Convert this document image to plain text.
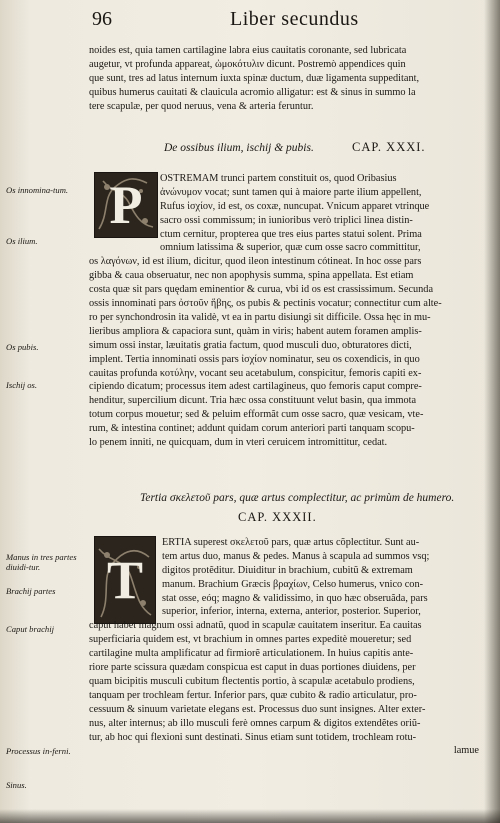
96	Liber secundus
noides est, quia tamen cartilagine labra eius cauitatis coronante, sed lubricata
augetur, vt profunda appareat, ὠμοκότυλιν dicunt. Postremò appendices quin
que sunt, tres ad latus internum iuxta spinæ ductum, duæ ligamenta suppeditant,
quibus humerus cauitati & clauicula acromio alligatur: est & sinus in summo la
tere scapulæ, per quod neruus, vena & arteria feruntur.
De ossibus ilium, ischij & pubis.	CAP. XXXI.
P OSTREMAM trunci partem constituit os, quod Oribasius
ἀνώνυμον vocat; sunt tamen qui à maiore parte ilium appellent,
Rufus ἰσχίον, id est, os coxæ, nuncupat. Vnicum apparet vtrinque
sacro ossi commissum; in iunioribus verò triplici linea distin-
ctum cernitur, propterea que tres eius partes statui solent. Prima
omnium latissima & superior, quæ cum osse sacro committitur,
os λαγόνων, id est ilium, dicitur, quod ileon intestinum cótineat. In hoc osse pars
gibba & caua obseruatur, nec non apophysis summa, spina appellata. Est etiam
costa quæ sit pars quędam eminentior & curua, vbi id os est crassissimum. Secunda
ossis innominati pars ὀστοῦν ἥβης, os pubis & pectinis vocatur; connectitur cum alte-
ro per synchondrosin ita validè, vt ea in partu disiungi sit difficile. Ossa hęc in mu-
lieribus ampliora & capaciora sunt, quàm in viris; habent autem foramen amplis-
simum ossi instar, læuitatis gratia factum, quod musculi duo, obturatores dicti,
implent. Tertia innominati ossis pars ἰσχίον nominatur, seu os coxendicis, in quo
cauitas profunda κοτύλην, vocant seu acetabulum, conspicitur, femoris capiti ex-
cipiendo dicatum; processus item adest cartilagineus, quo femoris caput compre-
henditur, supercilium dicunt. Tria hæc ossa constituunt velut basin, qua immota
totum corpus mouetur; sed & peluim efformãt cum osse sacro, quæ vesicam, vte-
rum, & intestina continet; addunt quidam corum anteriori parti tanquam scopu-
lo penem inniti, ne quicquam, dum in vteri ceruicem intromittitur, cedat.
Tertia σκελετοῦ pars, quæ artus complectitur, ac primùm de humero.
CAP. XXXII.
T
ERTIA superest σκελετοῦ pars, quæ artus cõplectitur. Sunt au-
tem artus duo, manus & pedes. Manus à scapula ad summos vsq;
digitos protẽditur. Diuiditur in brachium, cubitũ & extremam
manum. Brachium Græcis βραχίων, Celso humerus, vnico con-
stat osse, eóq; magno & validissimo, in quo hæc obseruãda, pars
superior, inferior, interna, externa, anterior, posterior. Superior,
caput habet magnum ossi adnatũ, quod in scapulæ cauitatem inseritur. Ea cauitas
superficiaria quidem est, vt brachium in omnes partes expeditè moueretur; sed
cartilagine multa amplificatur ad firmiorẽ articulationem. In huius capitis ante-
riore parte scissura quædam conspicua est caput in duas portiones diuidens, per
quam bicipitis musculi cubitum flectentis portio, à scapulæ acetabulo prodiens,
tanquam per trochleam fertur. Inferior pars, quæ cubito & radio articulatur, pro-
cessuum & sinuum varietate elegans est. Processus duo sunt insignes. Alter exter-
nus, alter internus; ab illo musculi ferè omnes carpum & digitos extendẽtes oriũ-
tur, ab hoc qui flexioni sunt destinati. Sinus etiam sunt totidem, trochleam rotu-
lamue
Os innomina-tum.
Os ilium.
Os pubis.
Ischij os.
Manus in tres partes diuidi-tur.
Brachij partes
Caput brachij
Processus in-ferni.
Sinus.
